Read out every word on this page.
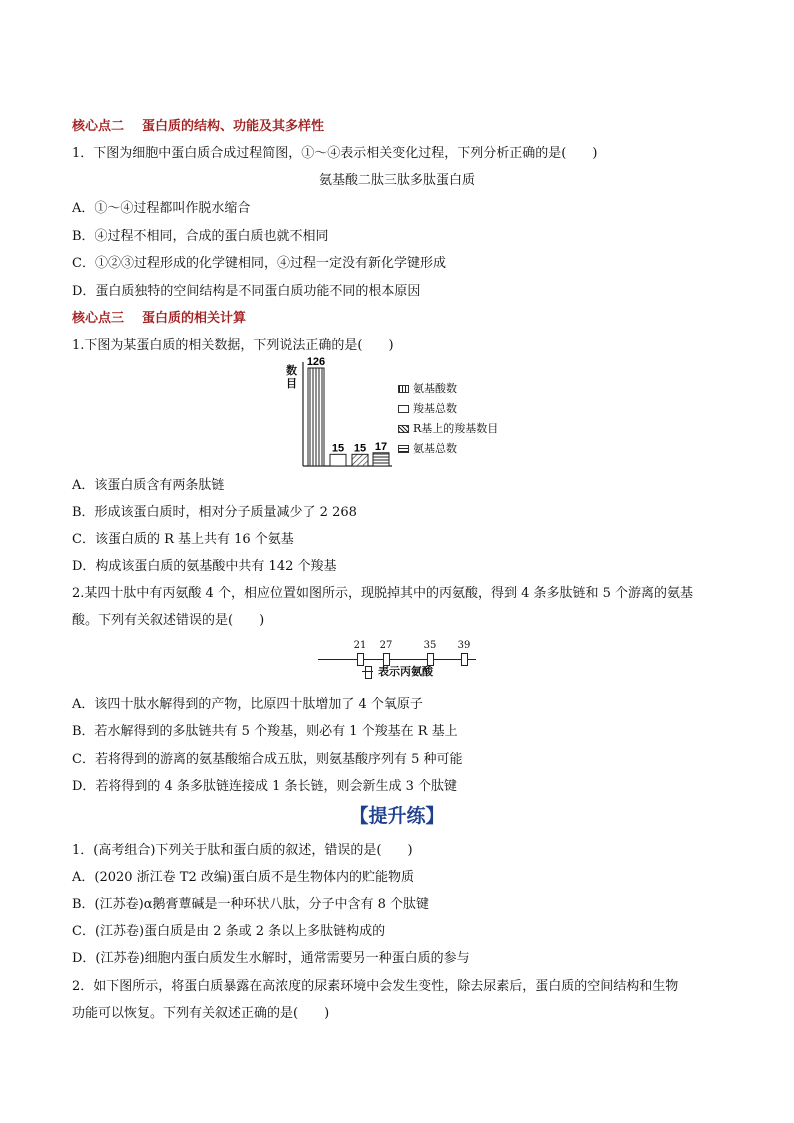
核心点二 蛋白质的结构、功能及其多样性
1．下图为细胞中蛋白质合成过程简图，①～④表示相关变化过程，下列分析正确的是(　　)
氨基酸二肽三肽多肽蛋白质
A．①～④过程都叫作脱水缩合
B．④过程不相同，合成的蛋白质也就不相同
C．①②③过程形成的化学键相同，④过程一定没有新化学键形成
D．蛋白质独特的空间结构是不同蛋白质功能不同的根本原因
核心点三 蛋白质的相关计算
1.下图为某蛋白质的相关数据，下列说法正确的是(　　)
数目
126
15 15 17
氨基酸数
羧基总数
R基上的羧基数目
氨基总数
A．该蛋白质含有两条肽链
B．形成该蛋白质时，相对分子质量减少了 2 268
C．该蛋白质的 R 基上共有 16 个氨基
D．构成该蛋白质的氨基酸中共有 142 个羧基
2.某四十肽中有丙氨酸 4 个，相应位置如图所示，现脱掉其中的丙氨酸，得到 4 条多肽链和 5 个游离的氨基
酸。下列有关叙述错误的是(　　)
21 27	35 39
表示丙氨酸
A．该四十肽水解得到的产物，比原四十肽增加了 4 个氧原子
B．若水解得到的多肽链共有 5 个羧基，则必有 1 个羧基在 R 基上
C．若将得到的游离的氨基酸缩合成五肽，则氨基酸序列有 5 种可能
D．若将得到的 4 条多肽链连接成 1 条长链，则会新生成 3 个肽键
【提升练】
1．(高考组合)下列关于肽和蛋白质的叙述，错误的是(　　)
A．(2020 浙江卷 T2 改编)蛋白质不是生物体内的贮能物质
B．(江苏卷)α鹅膏蕈碱是一种环状八肽，分子中含有 8 个肽键
C．(江苏卷)蛋白质是由 2 条或 2 条以上多肽链构成的
D．(江苏卷)细胞内蛋白质发生水解时，通常需要另一种蛋白质的参与
2．如下图所示，将蛋白质暴露在高浓度的尿素环境中会发生变性，除去尿素后，蛋白质的空间结构和生物
功能可以恢复。下列有关叙述正确的是(　　)
